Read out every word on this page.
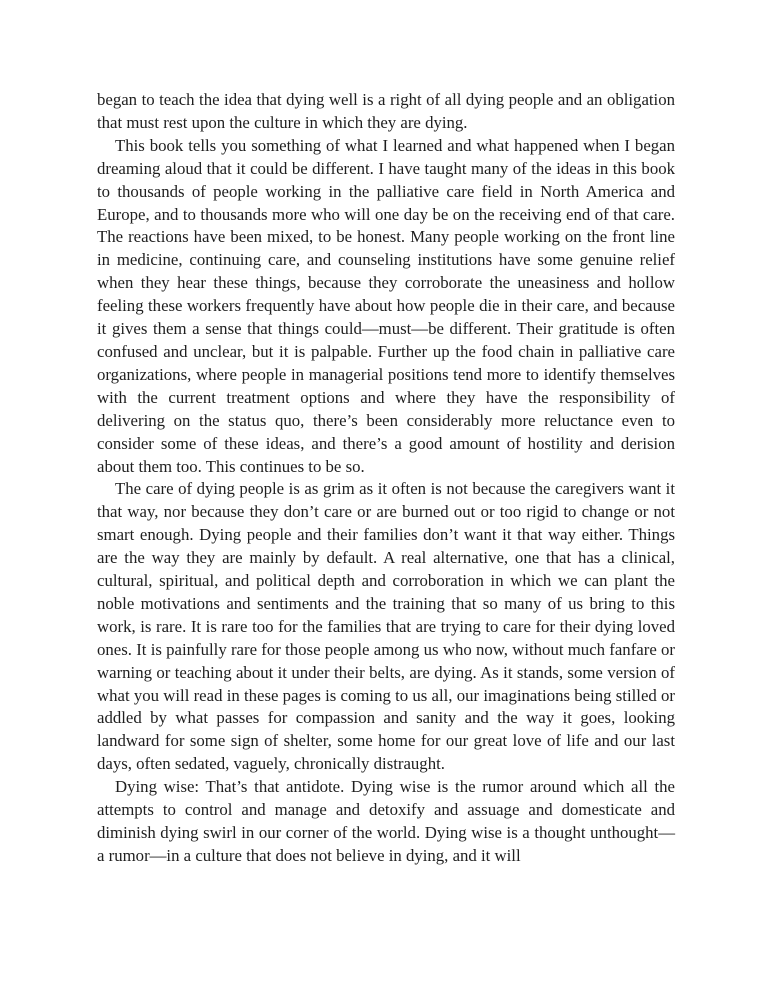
began to teach the idea that dying well is a right of all dying people and an obligation that must rest upon the culture in which they are dying.

This book tells you something of what I learned and what happened when I began dreaming aloud that it could be different. I have taught many of the ideas in this book to thousands of people working in the palliative care field in North America and Europe, and to thousands more who will one day be on the receiving end of that care. The reactions have been mixed, to be honest. Many people working on the front line in medicine, continuing care, and counseling institutions have some genuine relief when they hear these things, because they corroborate the uneasiness and hollow feeling these workers frequently have about how people die in their care, and because it gives them a sense that things could—must—be different. Their gratitude is often confused and unclear, but it is palpable. Further up the food chain in palliative care organizations, where people in managerial positions tend more to identify themselves with the current treatment options and where they have the responsibility of delivering on the status quo, there’s been considerably more reluctance even to consider some of these ideas, and there’s a good amount of hostility and derision about them too. This continues to be so.

The care of dying people is as grim as it often is not because the caregivers want it that way, nor because they don’t care or are burned out or too rigid to change or not smart enough. Dying people and their families don’t want it that way either. Things are the way they are mainly by default. A real alternative, one that has a clinical, cultural, spiritual, and political depth and corroboration in which we can plant the noble motivations and sentiments and the training that so many of us bring to this work, is rare. It is rare too for the families that are trying to care for their dying loved ones. It is painfully rare for those people among us who now, without much fanfare or warning or teaching about it under their belts, are dying. As it stands, some version of what you will read in these pages is coming to us all, our imaginations being stilled or addled by what passes for compassion and sanity and the way it goes, looking landward for some sign of shelter, some home for our great love of life and our last days, often sedated, vaguely, chronically distraught.

Dying wise: That’s that antidote. Dying wise is the rumor around which all the attempts to control and manage and detoxify and assuage and domesticate and diminish dying swirl in our corner of the world. Dying wise is a thought unthought—a rumor—in a culture that does not believe in dying, and it will
